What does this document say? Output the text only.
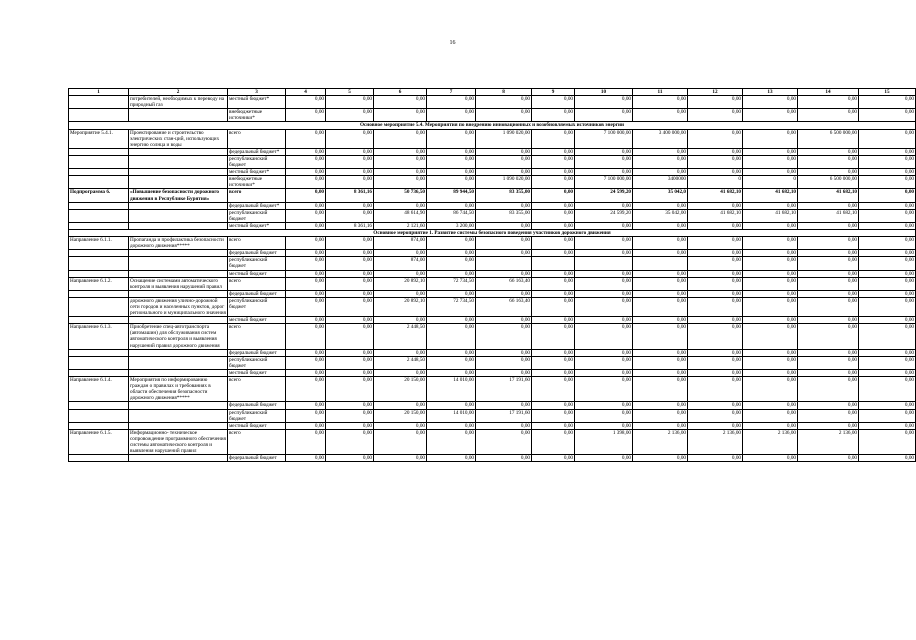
16
1	2	3	4	5	6	7	8	9	10	11	12	13	14	15
	потребителей, необходимых к переводу на природный газ	местный бюджет*	0,00	0,00	0,00	0,00	0,00	0,00	0,00	0,00	0,00	0,00	0,00	0,00
		внебюджетные источники*	0,00	0,00	0,00	0,00	0,00	0,00	0,00	0,00	0,00	0,00	0,00	0,00
Основное мероприятие 5.4. Мероприятия по внедрению инновационных и возобновляемых источников энергии														
Мероприятие 5.4.1.	Проектирование и строительство электрических стан-ций, использующих энергию солнца и воды	всего	0,00	0,00	0,00	0,00	1 090 020,00	0,00	7 100 000,00	3 400 000,00	0,00	0,00	6 500 000,00	0,00
		федеральный бюджет*	0,00	0,00	0,00	0,00	0,00	0,00	0,00	0,00	0,00	0,00	0,00	0,00
		республиканский бюджет	0,00	0,00	0,00	0,00	0,00	0,00	0,00	0,00	0,00	0,00	0,00	0,00
		местный бюджет*	0,00	0,00	0,00	0,00	0,00	0,00	0,00	0,00	0,00	0,00	0,00	0,00
		внебюджетные источники*	0,00	0,00	0,00	0,00	1 090 020,00	0,00	7 100 000,00	3400000	0	0	6 500 000,00	0,00
Подпрограмма 6.	«Повышение безопасности дорожного движения в Республике Бурятия»	всего	0,00	8 361,16	50 736,50	89 944,50	83 355,00	0,00	24 599,20	35 042,0	41 682,10	41 682,10	41 682,10	0,00
		федеральный бюджет*	0,00	0,00	0,00	0,00	0,00	0,00	0,00	0,00	0,00	0,00	0,00	0,00
		республиканский бюджет	0,00	0,00	48 614,90	86 744,50	83 355,00	0,00	24 599,20	35 042,00	41 682,10	41 682,10	41 682,10	0,00
		местный бюджет*	0,00	8 361,16	2 121,60	3 200,00	0,00	0,00	0,00	0,00	0,00	0,00	0,00	0,00
Основное мероприятие 1. Развитие системы безопасного поведения участников дорожного движения														
Направление 6.1.1.	Пропаганда и профилактика безопасности дорожного движения*****	всего	0,00	0,00	874,00	0,00	0,00	0,00	0,00	0,00	0,00	0,00	0,00	0,00
		федеральный бюджет	0,00	0,00	0,00	0,00	0,00	0,00	0,00	0,00	0,00	0,00	0,00	0,00
		республиканский бюджет	0,00	0,00	874,00	0,00					0,00	0,00	0,00	0,00
		местный бюджет	0,00	0,00	0,00	0,00	0,00	0,00	0,00	0,00	0,00	0,00	0,00	0,00
Направление 6.1.2.	Оснащение системами автоматического контроля и выявления нарушений правил	всего	0,00	0,00	20 892,10	72 734,50	66 163,40	0,00	0,00	0,00	0,00	0,00	0,00	0,00
		федеральный бюджет	0,00	0,00	0,00	0,00	0,00	0,00	0,00	0,00	0,00	0,00	0,00	0,00
	дорожного движения улично-дорожной сети городов и населенных пунктов, дорог регионального и муниципального значения	республиканский бюджет	0,00	0,00	20 892,10	72 734,50	66 163,40	0,00	0,00	0,00	0,00	0,00	0,00	0,00
		местный бюджет	0,00	0,00	0,00	0,00	0,00	0,00	0,00	0,00	0,00	0,00	0,00	0,00
Направление 6.1.3.	Приобретение спец-автотранспорта (автомашин) для обслуживания систем автоматического контроля и выявления нарушений правил дорожного движения	всего	0,00	0,00	2 448,50	0,00	0,00	0,00	0,00	0,00	0,00	0,00	0,00	0,00
		федеральный бюджет	0,00	0,00	0,00	0,00	0,00	0,00	0,00	0,00	0,00	0,00	0,00	0,00
		республиканский бюджет	0,00	0,00	2 448,50	0,00	0,00	0,00	0,00	0,00	0,00	0,00	0,00	0,00
		местный бюджет	0,00	0,00	0,00	0,00	0,00	0,00	0,00	0,00	0,00	0,00	0,00	0,00
Направление 6.1.4.	Мероприятия по информированию граждан о правилах и требованиях в области обеспечения безопасности дорожного движения*****	всего	0,00	0,00	20 150,00	14 010,00	17 191,60	0,00	0,00	0,00	0,00	0,00	0,00	0,00
		федеральный бюджет	0,00	0,00	0,00	0,00	0,00	0,00	0,00	0,00	0,00	0,00	0,00	0,00
		республиканский бюджет	0,00	0,00	20 150,00	14 010,00	17 191,60	0,00	0,00	0,00	0,00	0,00	0,00	0,00
		местный бюджет	0,00	0,00	0,00	0,00	0,00	0,00	0,00	0,00	0,00	0,00	0,00	0,00
Направление 6.1.5.	Информационно- техническое сопровождение программного обеспечения системы автоматического контроля и выявления нарушений правил	всего	0,00	0,00	0,00	0,00	0,00	0,00	1 398,00	2 136,00	2 136,00	2 136,00	2 136,00	0,00
		федеральный бюджет	0,00	0,00	0,00	0,00	0,00	0,00	0,00	0,00	0,00	0,00	0,00	0,00
